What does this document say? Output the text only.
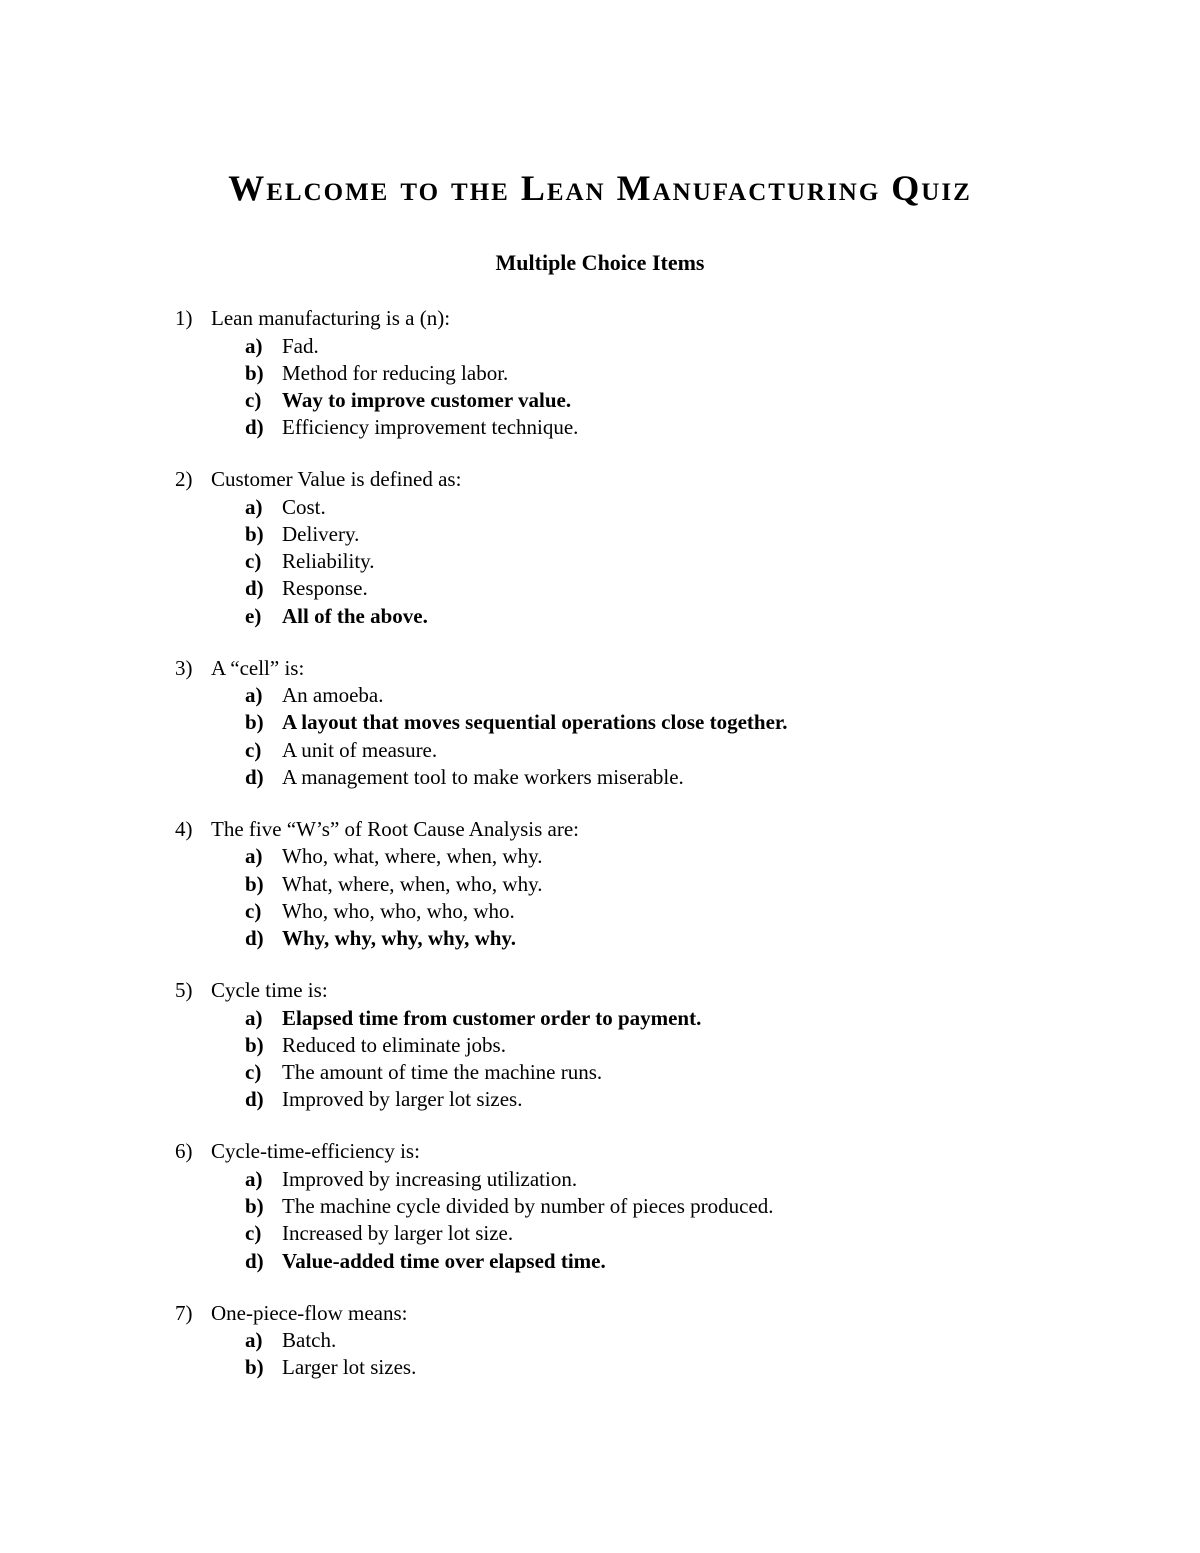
Welcome to the Lean Manufacturing Quiz
Multiple Choice Items
1) Lean manufacturing is a (n):
a) Fad.
b) Method for reducing labor.
c) Way to improve customer value.
d) Efficiency improvement technique.
2) Customer Value is defined as:
a) Cost.
b) Delivery.
c) Reliability.
d) Response.
e) All of the above.
3) A “cell” is:
a) An amoeba.
b) A layout that moves sequential operations close together.
c) A unit of measure.
d) A management tool to make workers miserable.
4) The five “W’s” of Root Cause Analysis are:
a) Who, what, where, when, why.
b) What, where, when, who, why.
c) Who, who, who, who, who.
d) Why, why, why, why, why.
5) Cycle time is:
a) Elapsed time from customer order to payment.
b) Reduced to eliminate jobs.
c) The amount of time the machine runs.
d) Improved by larger lot sizes.
6) Cycle-time-efficiency is:
a) Improved by increasing utilization.
b) The machine cycle divided by number of pieces produced.
c) Increased by larger lot size.
d) Value-added time over elapsed time.
7) One-piece-flow means:
a) Batch.
b) Larger lot sizes.
